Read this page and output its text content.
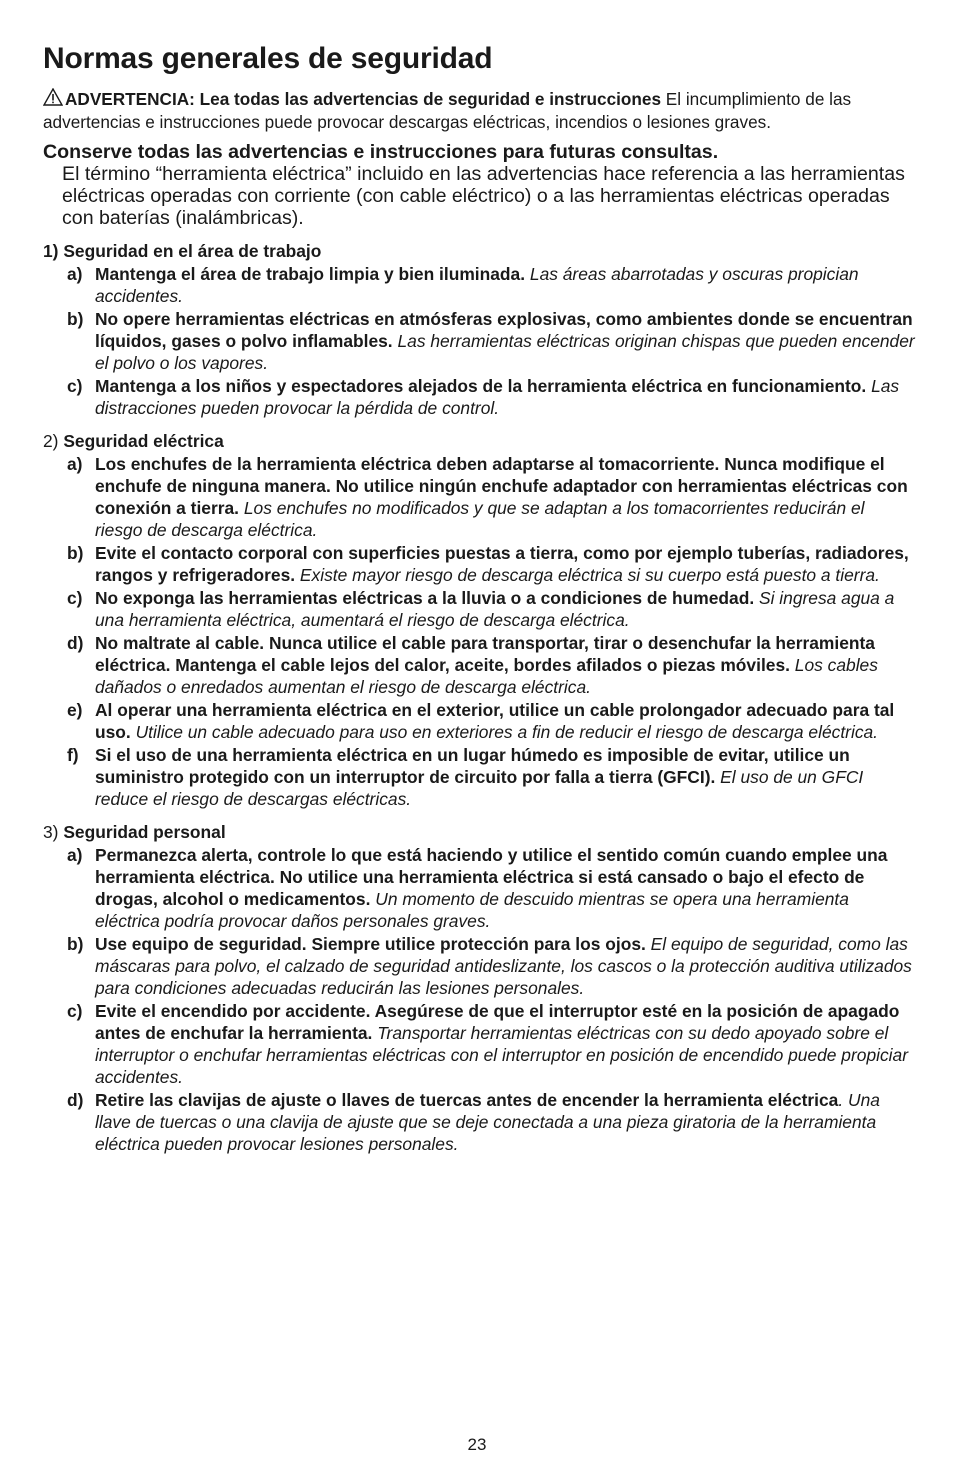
Normas generales de seguridad
ADVERTENCIA: Lea todas las advertencias de seguridad e instrucciones El incumplimiento de las advertencias e instrucciones puede provocar descargas eléctricas, incendios o lesiones graves.
Conserve todas las advertencias e instrucciones para futuras consultas.
El término “herramienta eléctrica” incluido en las advertencias hace referencia a las herramientas eléctricas operadas con corriente (con cable eléctrico) o a las herramientas eléctricas operadas con baterías (inalámbricas).
1) Seguridad en el área de trabajo
a) Mantenga el área de trabajo limpia y bien iluminada. Las áreas abarrotadas y oscuras propician accidentes.
b) No opere herramientas eléctricas en atmósferas explosivas, como ambientes donde se encuentran líquidos, gases o polvo inflamables. Las herramientas eléctricas originan chispas que pueden encender el polvo o los vapores.
c) Mantenga a los niños y espectadores alejados de la herramienta eléctrica en funcionamiento. Las distracciones pueden provocar la pérdida de control.
2) Seguridad eléctrica
a) Los enchufes de la herramienta eléctrica deben adaptarse al tomacorriente. Nunca modifique el enchufe de ninguna manera. No utilice ningún enchufe adaptador con herramientas eléctricas con conexión a tierra. Los enchufes no modificados y que se adaptan a los tomacorrientes reducirán el riesgo de descarga eléctrica.
b) Evite el contacto corporal con superficies puestas a tierra, como por ejemplo tuberías, radiadores, rangos y refrigeradores. Existe mayor riesgo de descarga eléctrica si su cuerpo está puesto a tierra.
c) No exponga las herramientas eléctricas a la lluvia o a condiciones de humedad. Si ingresa agua a una herramienta eléctrica, aumentará el riesgo de descarga eléctrica.
d) No maltrate al cable. Nunca utilice el cable para transportar, tirar o desenchufar la herramienta eléctrica. Mantenga el cable lejos del calor, aceite, bordes afilados o piezas móviles. Los cables dañados o enredados aumentan el riesgo de descarga eléctrica.
e) Al operar una herramienta eléctrica en el exterior, utilice un cable prolongador adecuado para tal uso. Utilice un cable adecuado para uso en exteriores a fin de reducir el riesgo de descarga eléctrica.
f) Si el uso de una herramienta eléctrica en un lugar húmedo es imposible de evitar, utilice un suministro protegido con un interruptor de circuito por falla a tierra (GFCI). El uso de un GFCI reduce el riesgo de descargas eléctricas.
3) Seguridad personal
a) Permanezca alerta, controle lo que está haciendo y utilice el sentido común cuando emplee una herramienta eléctrica. No utilice una herramienta eléctrica si está cansado o bajo el efecto de drogas, alcohol o medicamentos. Un momento de descuido mientras se opera una herramienta eléctrica podría provocar daños personales graves.
b) Use equipo de seguridad. Siempre utilice protección para los ojos. El equipo de seguridad, como las máscaras para polvo, el calzado de seguridad antideslizante, los cascos o la protección auditiva utilizados para condiciones adecuadas reducirán las lesiones personales.
c) Evite el encendido por accidente. Asegúrese de que el interruptor esté en la posición de apagado antes de enchufar la herramienta. Transportar herramientas eléctricas con su dedo apoyado sobre el interruptor o enchufar herramientas eléctricas con el interruptor en posición de encendido puede propiciar accidentes.
d) Retire las clavijas de ajuste o llaves de tuercas antes de encender la herramienta eléctrica. Una llave de tuercas o una clavija de ajuste que se deje conectada a una pieza giratoria de la herramienta eléctrica pueden provocar lesiones personales.
23
